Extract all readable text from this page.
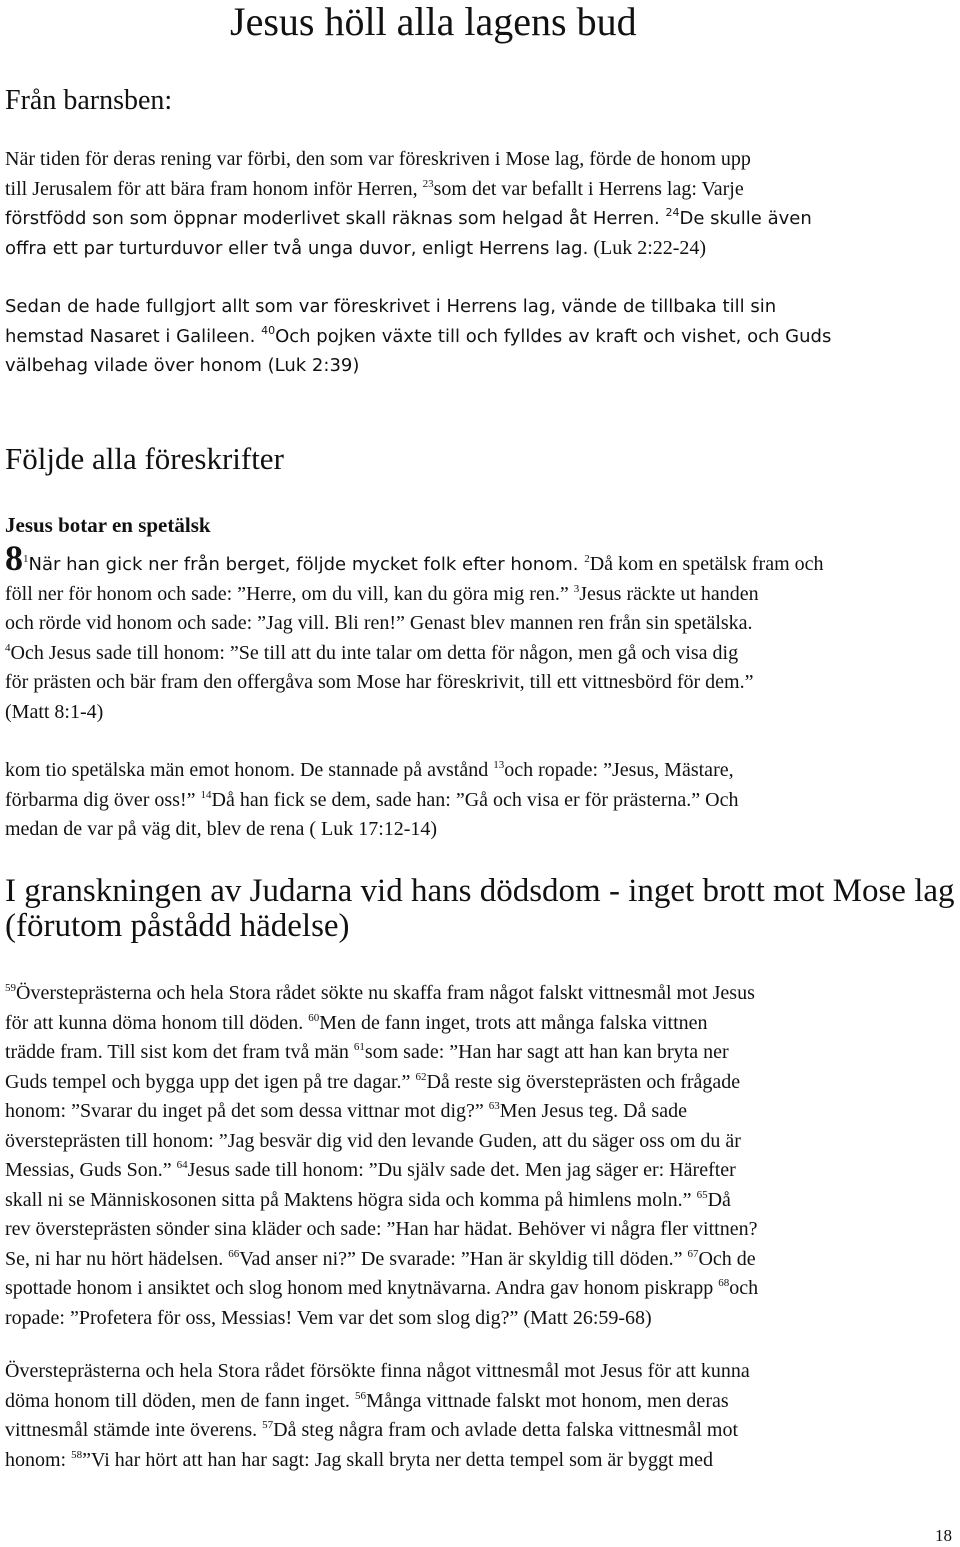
Jesus höll alla lagens bud
Från barnsben:
När tiden för deras rening var förbi, den som var föreskriven i Mose lag, förde de honom upp
till Jerusalem för att bära fram honom inför Herren, $^{23}$som det var befallt i Herrens lag: Varje
förstfödd son som öppnar moderlivet skall räknas som helgad åt Herren. $^{24}$De skulle även
offra ett par turturduvor eller två unga duvor, enligt Herrens lag. (Luk 2:22-24)
Sedan de hade fullgjort allt som var föreskrivet i Herrens lag, vände de tillbaka till sin
hemstad Nasaret i Galileen. $^{40}$Och pojken växte till och fylldes av kraft och vishet, och Guds
välbehag vilade över honom (Luk 2:39)
Följde alla föreskrifter
Jesus botar en spetälsk
$8^1När$ han gick ner från berget, följde mycket folk efter honom. $^2$Då kom en spetälsk fram och
föll ner för honom och sade: ”Herre, om du vill, kan du göra mig ren.” $^3$Jesus räckte ut handen
och rörde vid honom och sade: ”Jag vill. Bli ren!” Genast blev mannen ren från sin spetälska.
$^4$Och Jesus sade till honom: ”Se till att du inte talar om detta för någon, men gå och visa dig
för prästen och bär fram den offergåva som Mose har föreskrivit, till ett vittnesbörd för dem.”
(Matt 8:1-4)
kom tio spetälska män emot honom. De stannade på avstånd $^{13}$och ropade: ”Jesus, Mästare,
förbarma dig över oss!” $^{14}$Då han fick se dem, sade han: ”Gå och visa er för prästerna.” Och
medan de var på väg dit, blev de rena ( Luk 17:12-14)
I granskningen av Judarna vid hans dödsdom - inget brott mot Mose lag (förutom påstådd hädelse)
$^{59}$Översteprästerna och hela Stora rådet sökte nu skaffa fram något falskt vittnesmål mot Jesus
för att kunna döma honom till döden. $^{60}$Men de fann inget, trots att många falska vittnen
trädde fram. Till sist kom det fram två män $^{61}$som sade: ”Han har sagt att han kan bryta ner
Guds tempel och bygga upp det igen på tre dagar.” $^{62}$Då reste sig översteprästen och frågade
honom: ”Svarar du inget på det som dessa vittnar mot dig?” $^{63}$Men Jesus teg. Då sade
översteprästen till honom: ”Jag besvär dig vid den levande Guden, att du säger oss om du är
Messias, Guds Son.” $^{64}$Jesus sade till honom: ”Du själv sade det. Men jag säger er: Härefter
skall ni se Människosonen sitta på Maktens högra sida och komma på himlens moln.” $^{65}$Då
rev översteprästen sönder sina kläder och sade: ”Han har hädat. Behöver vi några fler vittnen?
Se, ni har nu hört hädelsen. $^{66}$Vad anser ni?” De svarade: ”Han är skyldig till döden.” $^{67}$Och de
spottade honom i ansiktet och slog honom med knytnävarna. Andra gav honom piskrapp $^{68}$och
ropade: ”Profetera för oss, Messias! Vem var det som slog dig?” (Matt 26:59-68)
Översteprästerna och hela Stora rådet försökte finna något vittnesmål mot Jesus för att kunna
döma honom till döden, men de fann inget. $^{56}$Många vittnade falskt mot honom, men deras
vittnesmål stämde inte överens. $^{57}$Då steg några fram och avlade detta falska vittnesmål mot
honom: $^{58}$”Vi har hört att han har sagt: Jag skall bryta ner detta tempel som är byggt med
18
